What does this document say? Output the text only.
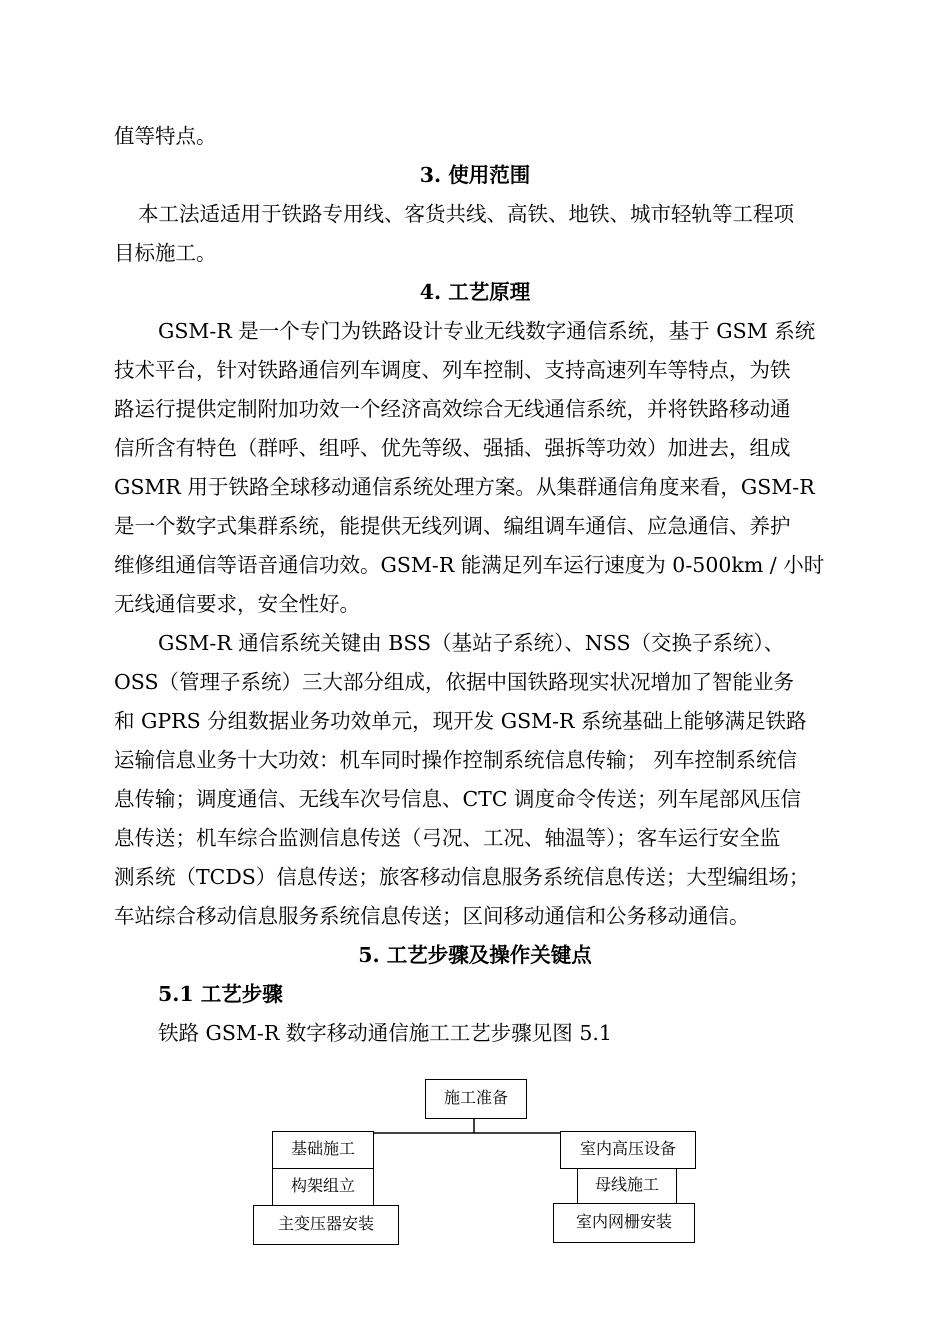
值等特点。
3. 使用范围
本工法适适用于铁路专用线、客货共线、高铁、地铁、城市轻轨等工程项
目标施工。
4. 工艺原理
GSM-R 是一个专门为铁路设计专业无线数字通信系统，基于 GSM 系统
技术平台，针对铁路通信列车调度、列车控制、支持高速列车等特点，为铁
路运行提供定制附加功效一个经济高效综合无线通信系统，并将铁路移动通
信所含有特色（群呼、组呼、优先等级、强插、强拆等功效）加进去，组成
GSMR 用于铁路全球移动通信系统处理方案。从集群通信角度来看，GSM-R
是一个数字式集群系统，能提供无线列调、编组调车通信、应急通信、养护
维修组通信等语音通信功效。GSM-R 能满足列车运行速度为 0-500km / 小时
无线通信要求，安全性好。
GSM-R 通信系统关键由 BSS（基站子系统）、NSS（交换子系统）、
OSS（管理子系统）三大部分组成，依据中国铁路现实状况增加了智能业务
和 GPRS 分组数据业务功效单元，现开发 GSM-R 系统基础上能够满足铁路
运输信息业务十大功效：机车同时操作控制系统信息传输； 列车控制系统信
息传输；调度通信、无线车次号信息、CTC 调度命令传送；列车尾部风压信
息传送；机车综合监测信息传送（弓况、工况、轴温等）；客车运行安全监
测系统（TCDS）信息传送；旅客移动信息服务系统信息传送；大型编组场；
车站综合移动信息服务系统信息传送；区间移动通信和公务移动通信。
5. 工艺步骤及操作关键点
5.1 工艺步骤
铁路 GSM-R 数字移动通信施工工艺步骤见图 5.1
施工准备
基础施工
构架组立
主变压器安装
室内高压设备
母线施工
室内网栅安装
